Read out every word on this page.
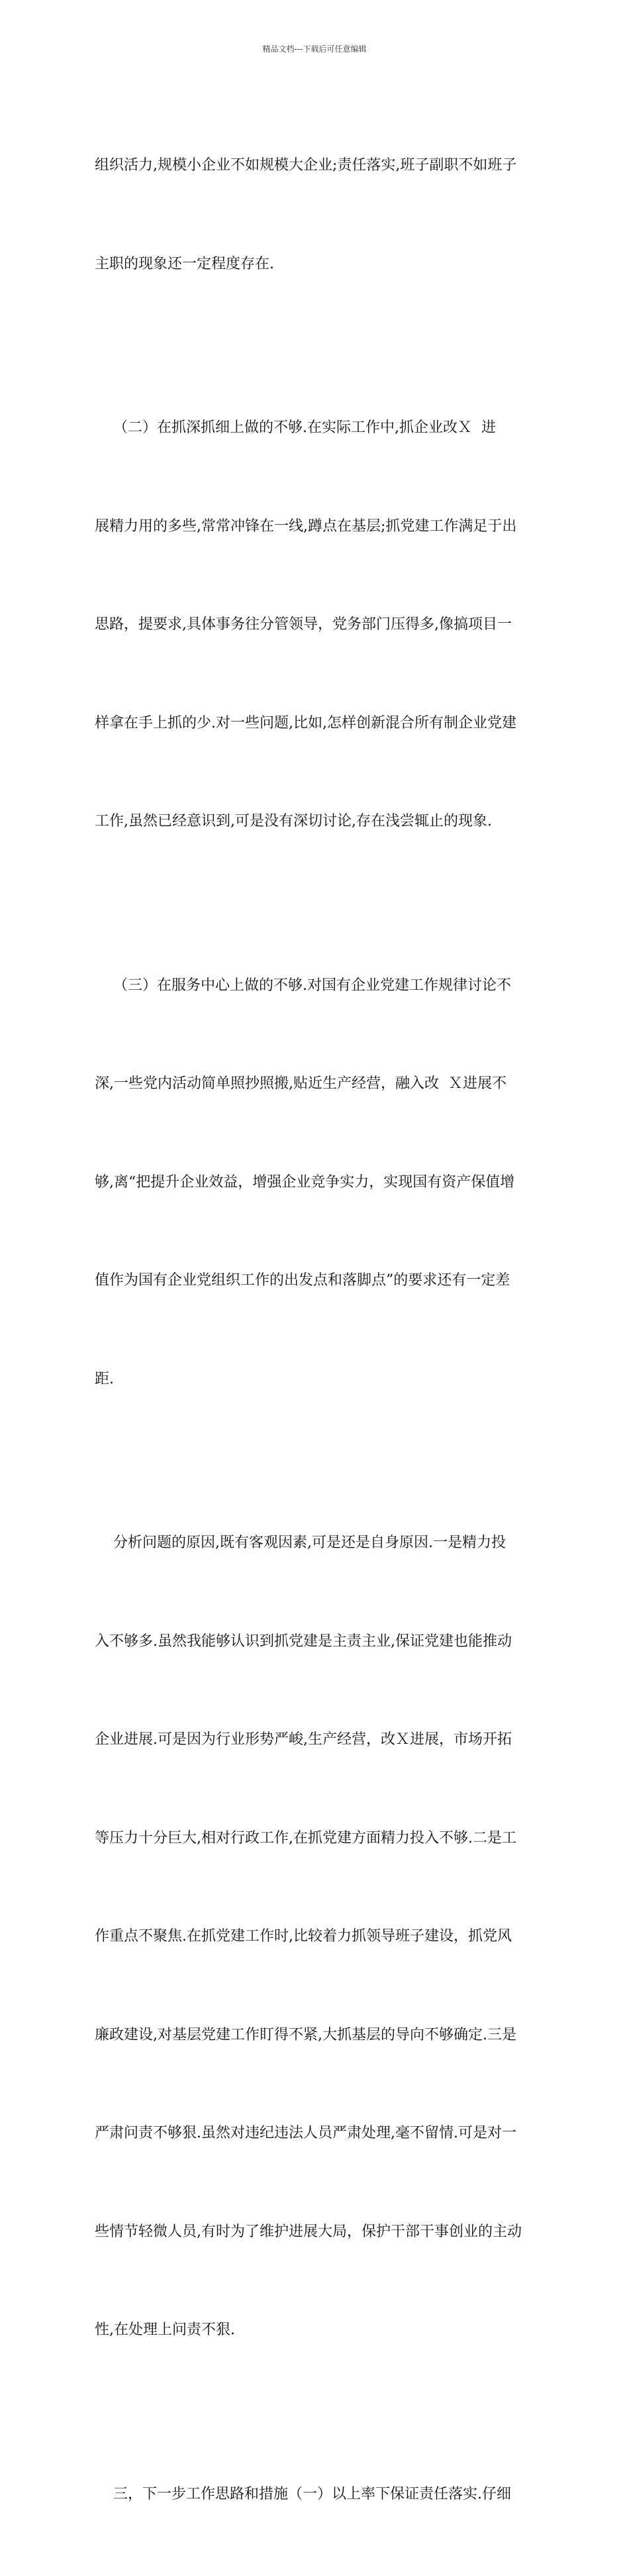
精品文档---下载后可任意编辑

组织活力,规模小企业不如规模大企业;责任落实,班子副职不如班子

主职的现象还一定程度存在.

（二）在抓深抓细上做的不够.在实际工作中,抓企业改Ｘ  进

展精力用的多些,常常冲锋在一线,蹲点在基层;抓党建工作满足于出

思路，提要求,具体事务往分管领导，党务部门压得多,像搞项目一

样拿在手上抓的少.对一些问题,比如,怎样创新混合所有制企业党建

工作,虽然已经意识到,可是没有深切讨论,存在浅尝辄止的现象.

（三）在服务中心上做的不够.对国有企业党建工作规律讨论不

深,一些党内活动简单照抄照搬,贴近生产经营，融入改  Ｘ进展不

够,离“把提升企业效益，增强企业竞争实力，实现国有资产保值增

值作为国有企业党组织工作的出发点和落脚点”的要求还有一定差

距.

分析问题的原因,既有客观因素,可是还是自身原因.一是精力投

入不够多.虽然我能够认识到抓党建是主责主业,保证党建也能推动

企业进展.可是因为行业形势严峻,生产经营，改Ｘ进展，市场开拓

等压力十分巨大,相对行政工作,在抓党建方面精力投入不够.二是工

作重点不聚焦.在抓党建工作时,比较着力抓领导班子建设，抓党风

廉政建设,对基层党建工作盯得不紧,大抓基层的导向不够确定.三是

严肃问责不够狠.虽然对违纪违法人员严肃处理,毫不留情.可是对一

些情节轻微人员,有时为了维护进展大局，保护干部干事创业的主动

性,在处理上问责不狠.

三，下一步工作思路和措施（一）以上率下保证责任落实.仔细
